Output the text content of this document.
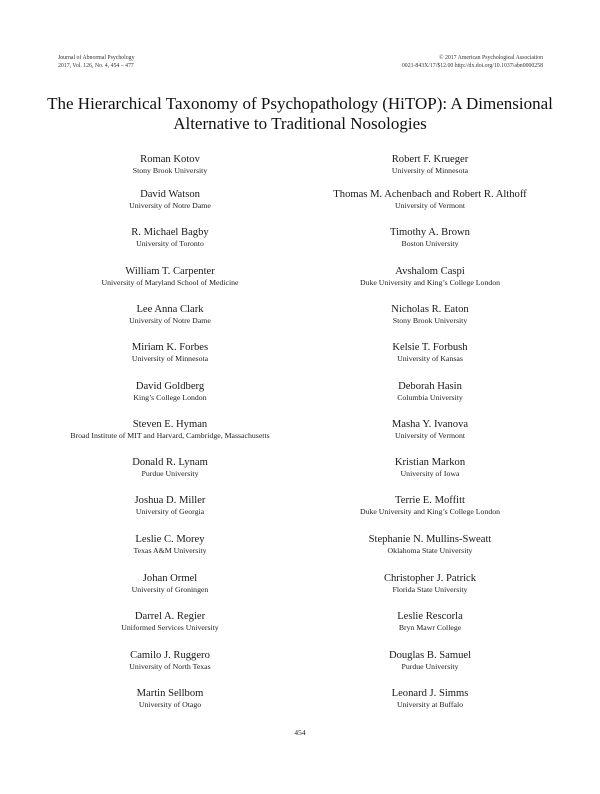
Journal of Abnormal Psychology
2017, Vol. 126, No. 4, 454 – 477
© 2017 American Psychological Association
0021-843X/17/$12.00 http://dx.doi.org/10.1037/abn0000258
The Hierarchical Taxonomy of Psychopathology (HiTOP): A Dimensional
Alternative to Traditional Nosologies
Roman Kotov
Stony Brook University
David Watson
University of Notre Dame
R. Michael Bagby
University of Toronto
William T. Carpenter
University of Maryland School of Medicine
Lee Anna Clark
University of Notre Dame
Miriam K. Forbes
University of Minnesota
David Goldberg
King’s College London
Steven E. Hyman
Broad Institute of MIT and Harvard, Cambridge, Massachusetts
Donald R. Lynam
Purdue University
Joshua D. Miller
University of Georgia
Leslie C. Morey
Texas A&M University
Johan Ormel
University of Groningen
Darrel A. Regier
Uniformed Services University
Camilo J. Ruggero
University of North Texas
Martin Sellbom
University of Otago
Robert F. Krueger
University of Minnesota
Thomas M. Achenbach and Robert R. Althoff
University of Vermont
Timothy A. Brown
Boston University
Avshalom Caspi
Duke University and King’s College London
Nicholas R. Eaton
Stony Brook University
Kelsie T. Forbush
University of Kansas
Deborah Hasin
Columbia University
Masha Y. Ivanova
University of Vermont
Kristian Markon
University of Iowa
Terrie E. Moffitt
Duke University and King’s College London
Stephanie N. Mullins-Sweatt
Oklahoma State University
Christopher J. Patrick
Florida State University
Leslie Rescorla
Bryn Mawr College
Douglas B. Samuel
Purdue University
Leonard J. Simms
University at Buffalo
454
